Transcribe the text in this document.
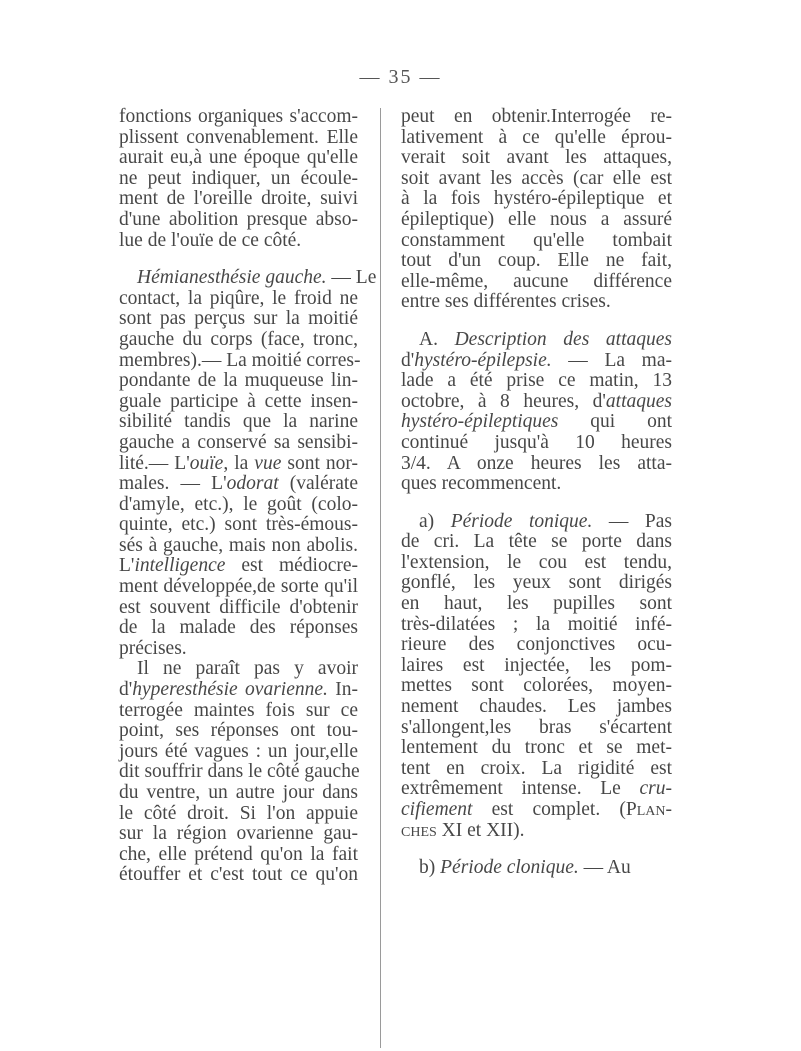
— 35 —
fonctions organiques s'accom-
plissent convenablement. Elle
aurait eu,à une époque qu'elle
ne peut indiquer, un écoule-
ment de l'oreille droite, suivi
d'une abolition presque abso-
lue de l'ouïe de ce côté.
Hémianesthésie gauche. — Le
contact, la piqûre, le froid ne
sont pas perçus sur la moitié
gauche du corps (face, tronc,
membres).— La moitié corres-
pondante de la muqueuse lin-
guale participe à cette insen-
sibilité tandis que la narine
gauche a conservé sa sensibi-
lité.— L'ouïe, la vue sont nor-
males. — L'odorat (valérate
d'amyle, etc.), le goût (colo-
quinte, etc.) sont très-émous-
sés à gauche, mais non abolis.
L'intelligence est médiocre-
ment développée,de sorte qu'il
est souvent difficile d'obtenir
de la malade des réponses
précises.
Il ne paraît pas y avoir
d'hyperesthésie ovarienne. In-
terrogée maintes fois sur ce
point, ses réponses ont tou-
jours été vagues : un jour,elle
dit souffrir dans le côté gauche
du ventre, un autre jour dans
le côté droit. Si l'on appuie
sur la région ovarienne gau-
che, elle prétend qu'on la fait
étouffer et c'est tout ce qu'on
peut en obtenir.Interrogée re-
lativement à ce qu'elle éprou-
verait soit avant les attaques,
soit avant les accès (car elle est
à la fois hystéro-épileptique et
épileptique) elle nous a assuré
constamment qu'elle tombait
tout d'un coup. Elle ne fait,
elle-même, aucune différence
entre ses différentes crises.
A. Description des attaques
d'hystéro-épilepsie. — La ma-
lade a été prise ce matin, 13
octobre, à 8 heures, d'attaques
hystéro-épileptiques qui ont
continué jusqu'à 10 heures
3/4. A onze heures les atta-
ques recommencent.
a) Période tonique. — Pas
de cri. La tête se porte dans
l'extension, le cou est tendu,
gonflé, les yeux sont dirigés
en haut, les pupilles sont
très-dilatées ; la moitié infé-
rieure des conjonctives ocu-
laires est injectée, les pom-
mettes sont colorées, moyen-
nement chaudes. Les jambes
s'allongent,les bras s'écartent
lentement du tronc et se met-
tent en croix. La rigidité est
extrêmement intense. Le cru-
cifiement est complet. (Plan-
ches XI et XII).
b) Période clonique. — Au
